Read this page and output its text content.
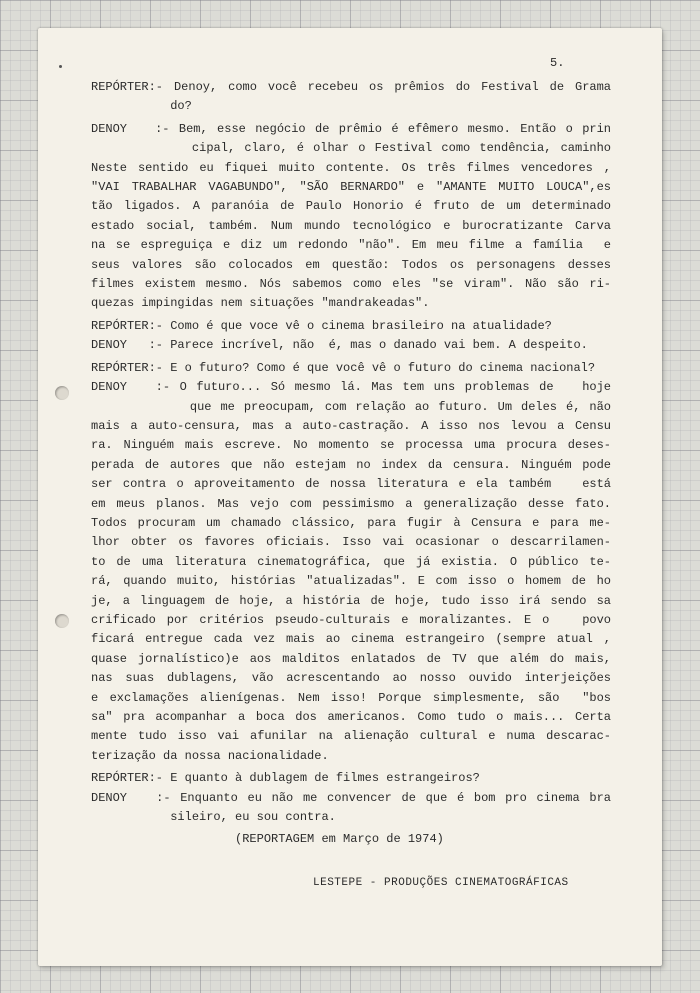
5.
REPÓRTER:- Denoy, como você recebeu os prêmios do Festival de Grama
do?
DENOY   :- Bem, esse negócio de prêmio é efêmero mesmo. Então o prin
cipal, claro, é olhar o Festival como tendência, caminho
Neste sentido eu fiquei muito contente. Os três filmes vencedores ,
"VAI TRABALHAR VAGABUNDO", "SÃO BERNARDO" e "AMANTE MUITO LOUCA",es
tão ligados. A paranóia de Paulo Honorio é fruto de um determinado
estado social, também. Num mundo tecnológico e burocratizante Carva
na se espreguiça e diz um redondo "não". Em meu filme a família  e
seus valores são colocados em questão: Todos os personagens desses
filmes existem mesmo. Nós sabemos como eles "se viram". Não são ri-
quezas impingidas nem situações "mandrakeadas".
REPÓRTER:- Como é que voce vê o cinema brasileiro na atualidade?
DENOY   :- Parece incrível, não  é, mas o danado vai bem. A despeito.
REPÓRTER:- E o futuro? Como é que você vê o futuro do cinema nacional?
DENOY   :- O futuro... Só mesmo lá. Mas tem uns problemas de   hoje
que me preocupam, com relação ao futuro. Um deles é, não
mais a auto-censura, mas a auto-castração. A isso nos levou a Censu
ra. Ninguém mais escreve. No momento se processa uma procura deses-
perada de autores que não estejam no index da censura. Ninguém pode
ser contra o aproveitamento de nossa literatura e ela também   está
em meus planos. Mas vejo com pessimismo a generalização desse fato.
Todos procuram um chamado clássico, para fugir à Censura e para me-
lhor obter os favores oficiais. Isso vai ocasionar o descarrilamen-
to de uma literatura cinematográfica, que já existia. O público te-
rá, quando muito, histórias "atualizadas". E com isso o homem de ho
je, a linguagem de hoje, a história de hoje, tudo isso irá sendo sa
crificado por critérios pseudo-culturais e moralizantes. E o   povo
ficará entregue cada vez mais ao cinema estrangeiro (sempre atual ,
quase jornalístico)e aos malditos enlatados de TV que além do mais,
nas suas dublagens, vão acrescentando ao nosso ouvido interjeições
e exclamações alienígenas. Nem isso! Porque simplesmente, são  "bos
sa" pra acompanhar a boca dos americanos. Como tudo o mais... Certa
mente tudo isso vai afunilar na alienação cultural e numa descarac-
terização da nossa nacionalidade.
REPÓRTER:- E quanto à dublagem de filmes estrangeiros?
DENOY   :- Enquanto eu não me convencer de que é bom pro cinema bra
sileiro, eu sou contra.
(REPORTAGEM em Março de 1974)
LESTEPE - PRODUÇÕES CINEMATOGRÁFICAS
